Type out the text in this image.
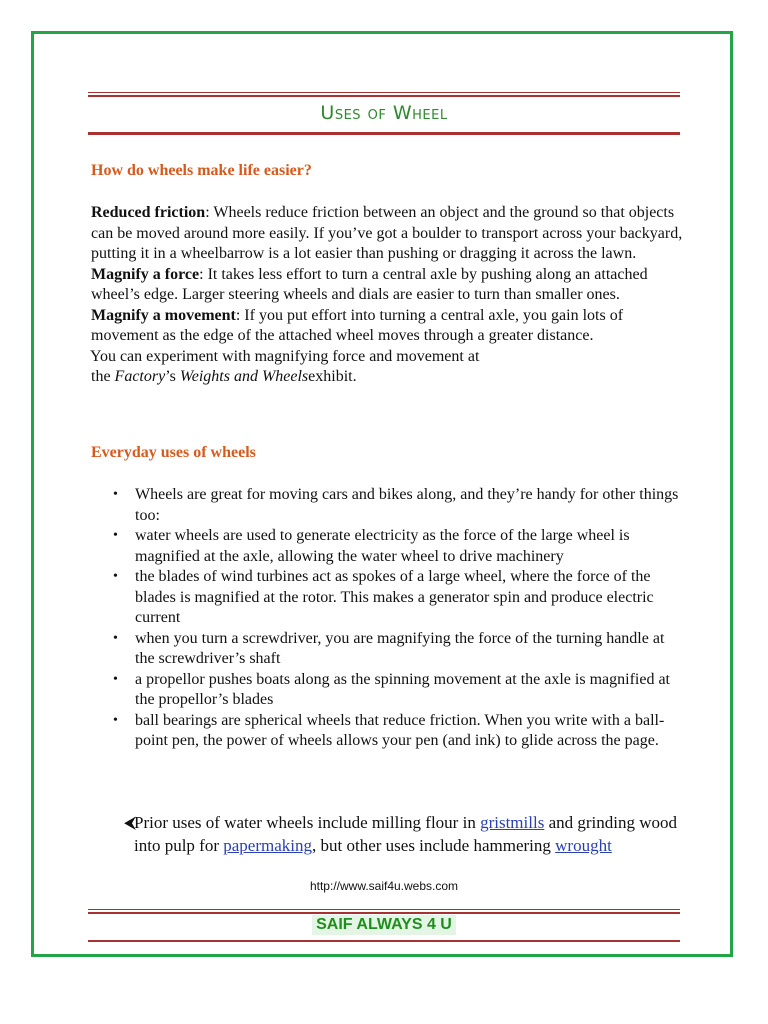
Uses of Wheel
How do wheels make life easier?
Reduced friction: Wheels reduce friction between an object and the ground so that objects can be moved around more easily. If you’ve got a boulder to transport across your backyard, putting it in a wheelbarrow is a lot easier than pushing or dragging it across the lawn.
Magnify a force: It takes less effort to turn a central axle by pushing along an attached wheel’s edge. Larger steering wheels and dials are easier to turn than smaller ones.
Magnify a movement: If you put effort into turning a central axle, you gain lots of movement as the edge of the attached wheel moves through a greater distance.
You can experiment with magnifying force and movement at
the Factory’s Weights and Wheelsexhibit.
Everyday uses of wheels
• Wheels are great for moving cars and bikes along, and they’re handy for other things too:
• water wheels are used to generate electricity as the force of the large wheel is magnified at the axle, allowing the water wheel to drive machinery
• the blades of wind turbines act as spokes of a large wheel, where the force of the blades is magnified at the rotor. This makes a generator spin and produce electric current
• when you turn a screwdriver, you are magnifying the force of the turning handle at the screwdriver’s shaft
• a propellor pushes boats along as the spinning movement at the axle is magnified at the propellor’s blades
• ball bearings are spherical wheels that reduce friction. When you write with a ball-point pen, the power of wheels allows your pen (and ink) to glide across the page.
⮜
Prior uses of water wheels include milling flour in gristmills and grinding wood into pulp for papermaking, but other uses include hammering wrought
http://www.saif4u.webs.com
SAIF ALWAYS 4 U
